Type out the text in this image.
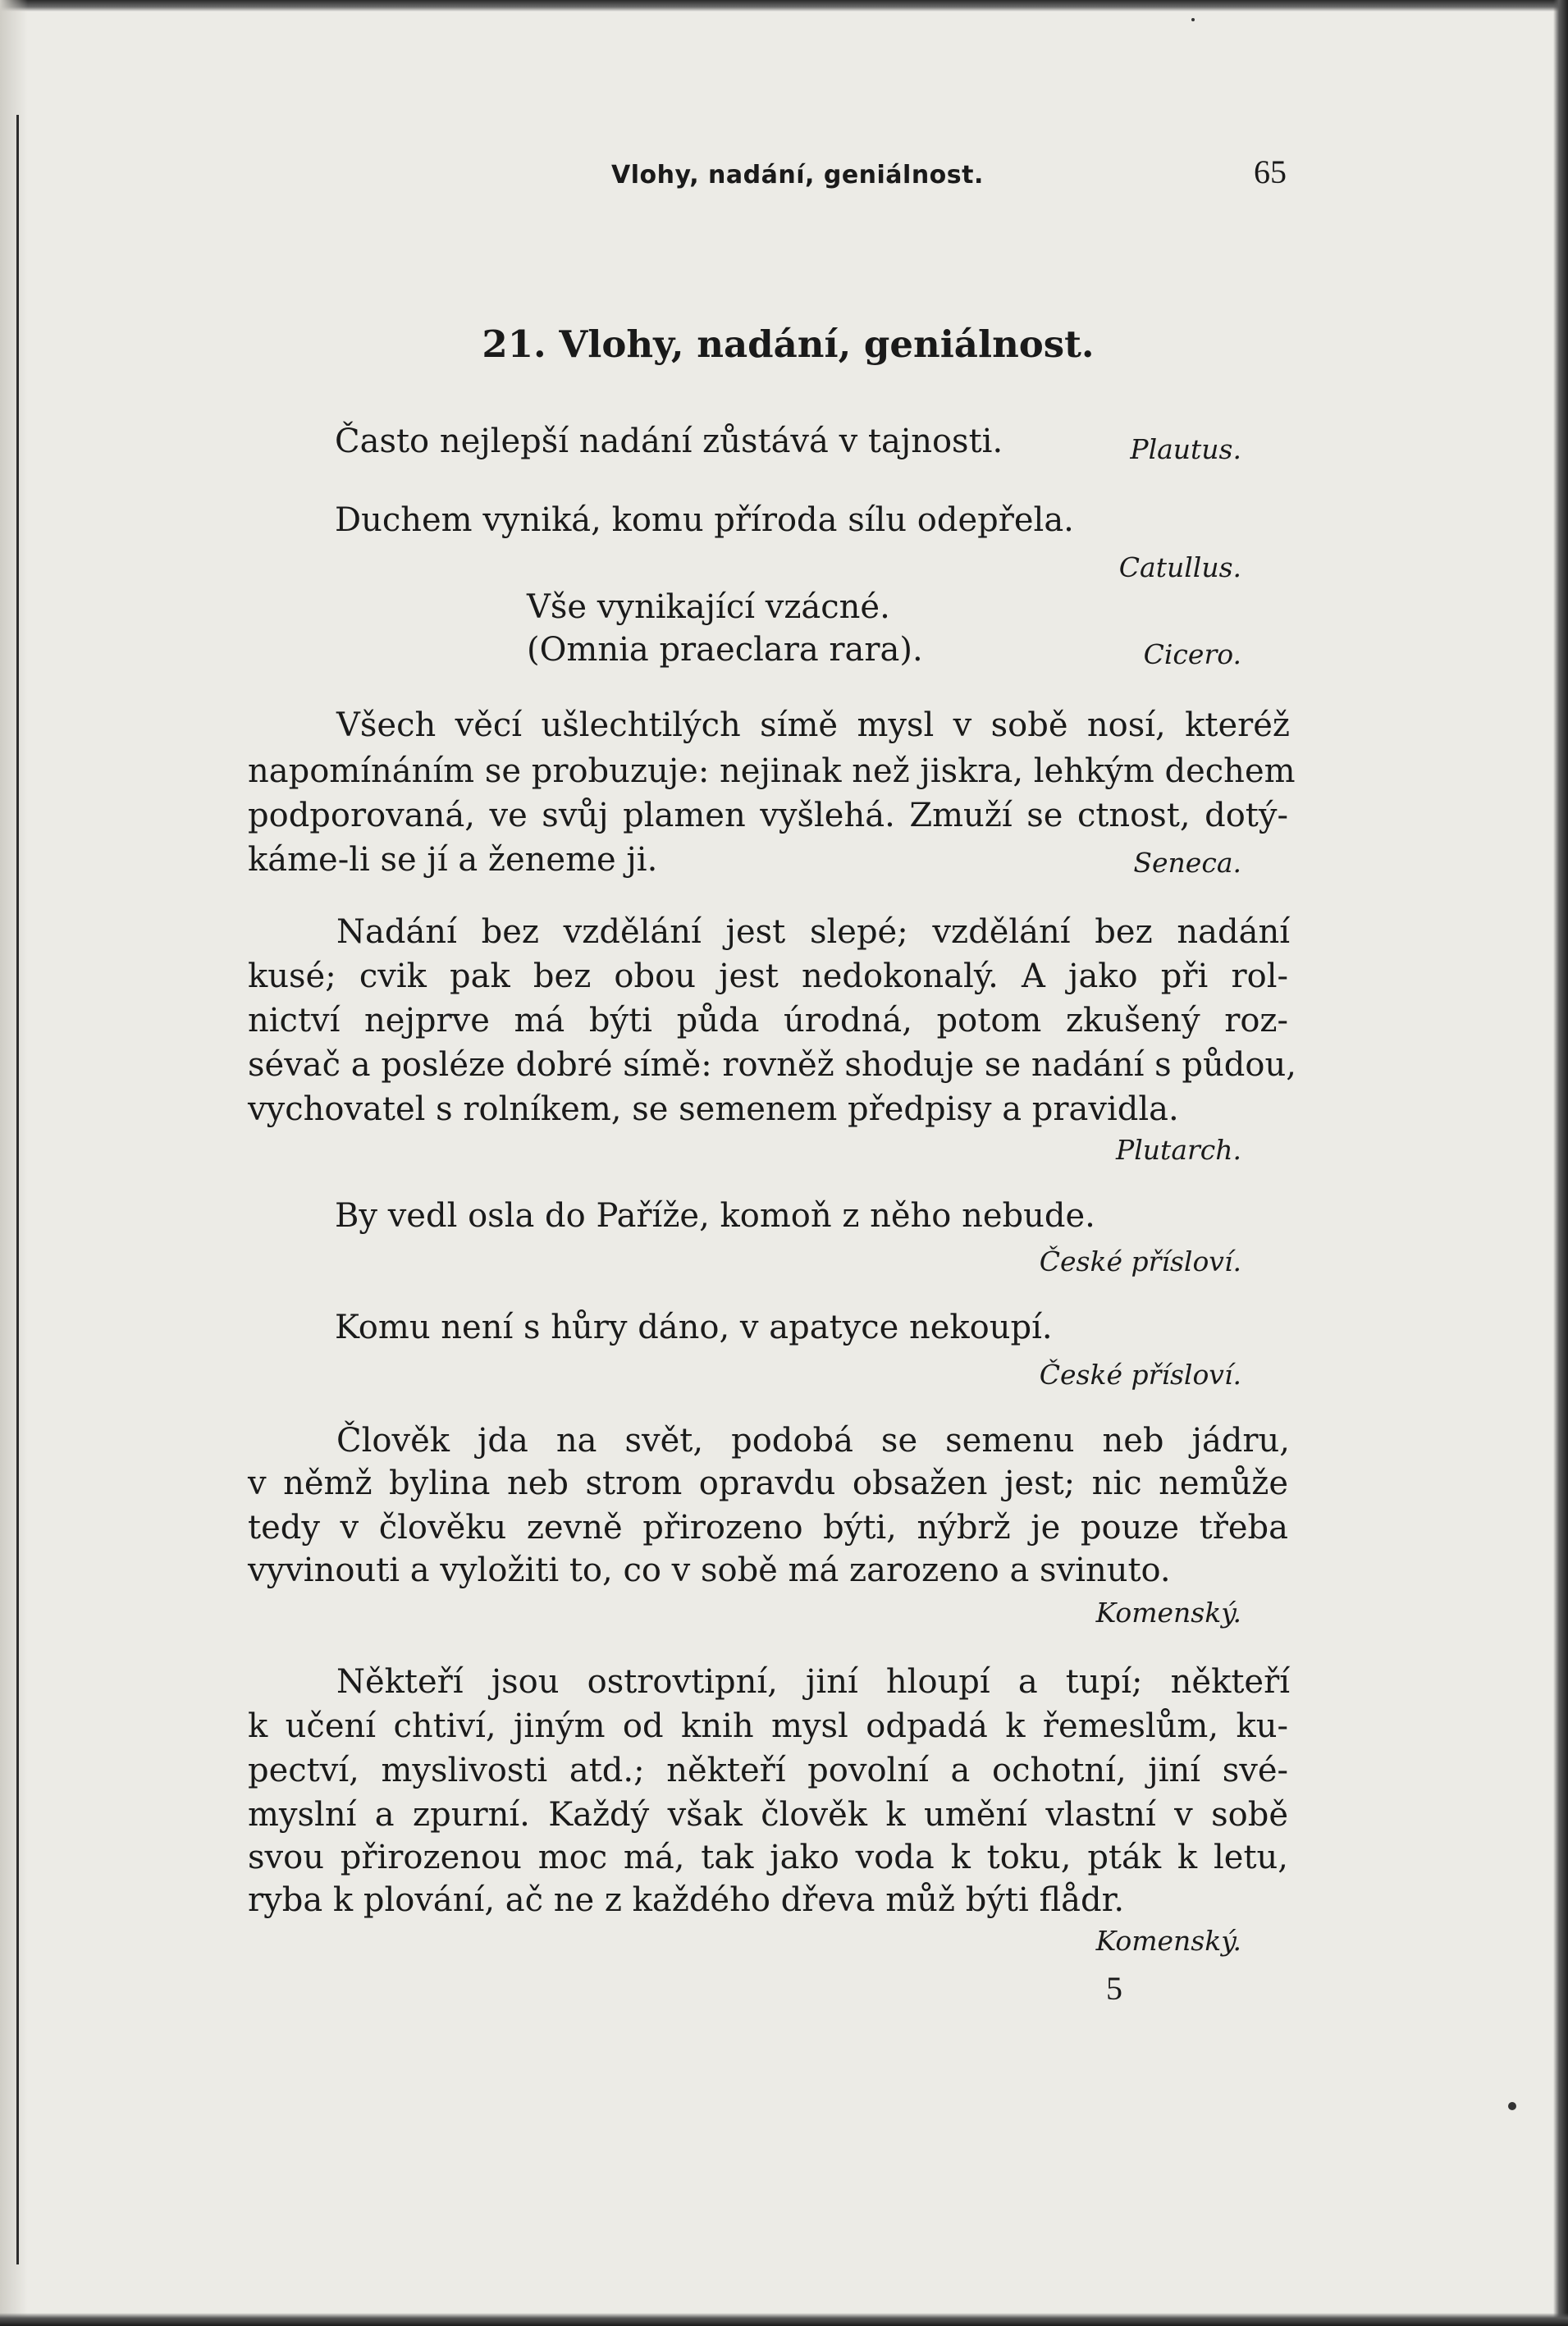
Vlohy, nadání, geniálnost.	65
21. Vlohy, nadání, geniálnost.
Často nejlepší nadání zůstává v tajnosti.	Plautus.
Duchem vyniká, komu příroda sílu odepřela.
Catullus.
Vše vynikající vzácné.
(Omnia praeclara rara).	Cicero.
Všech věcí ušlechtilých símě mysl v sobě nosí, kteréž
napomínáním se probuzuje: nejinak než jiskra, lehkým dechem
podporovaná, ve svůj plamen vyšlehá. Zmuží se ctnost, dotý-
káme-li se jí a ženeme ji.	Seneca.
Nadání bez vzdělání jest slepé; vzdělání bez nadání
kusé; cvik pak bez obou jest nedokonalý. A jako při rol-
nictví nejprve má býti půda úrodná, potom zkušený roz-
sévač a posléze dobré símě: rovněž shoduje se nadání s půdou,
vychovatel s rolníkem, se semenem předpisy a pravidla.
Plutarch.
By vedl osla do Paříže, komoň z něho nebude.
České přísloví.
Komu není s hůry dáno, v apatyce nekoupí.
České přísloví.
Člověk jda na svět, podobá se semenu neb jádru,
v němž bylina neb strom opravdu obsažen jest; nic nemůže
tedy v člověku zevně přirozeno býti, nýbrž je pouze třeba
vyvinouti a vyložiti to, co v sobě má zarozeno a svinuto.
Komenský.
Někteří jsou ostrovtipní, jiní hloupí a tupí; někteří
k učení chtiví, jiným od knih mysl odpadá k řemeslům, ku-
pectví, myslivosti atd.; někteří povolní a ochotní, jiní své-
myslní a zpurní. Každý však člověk k umění vlastní v sobě
svou přirozenou moc má, tak jako voda k toku, pták k letu,
ryba k plování, ač ne z každého dřeva můž býti flådr.
Komenský.
5
